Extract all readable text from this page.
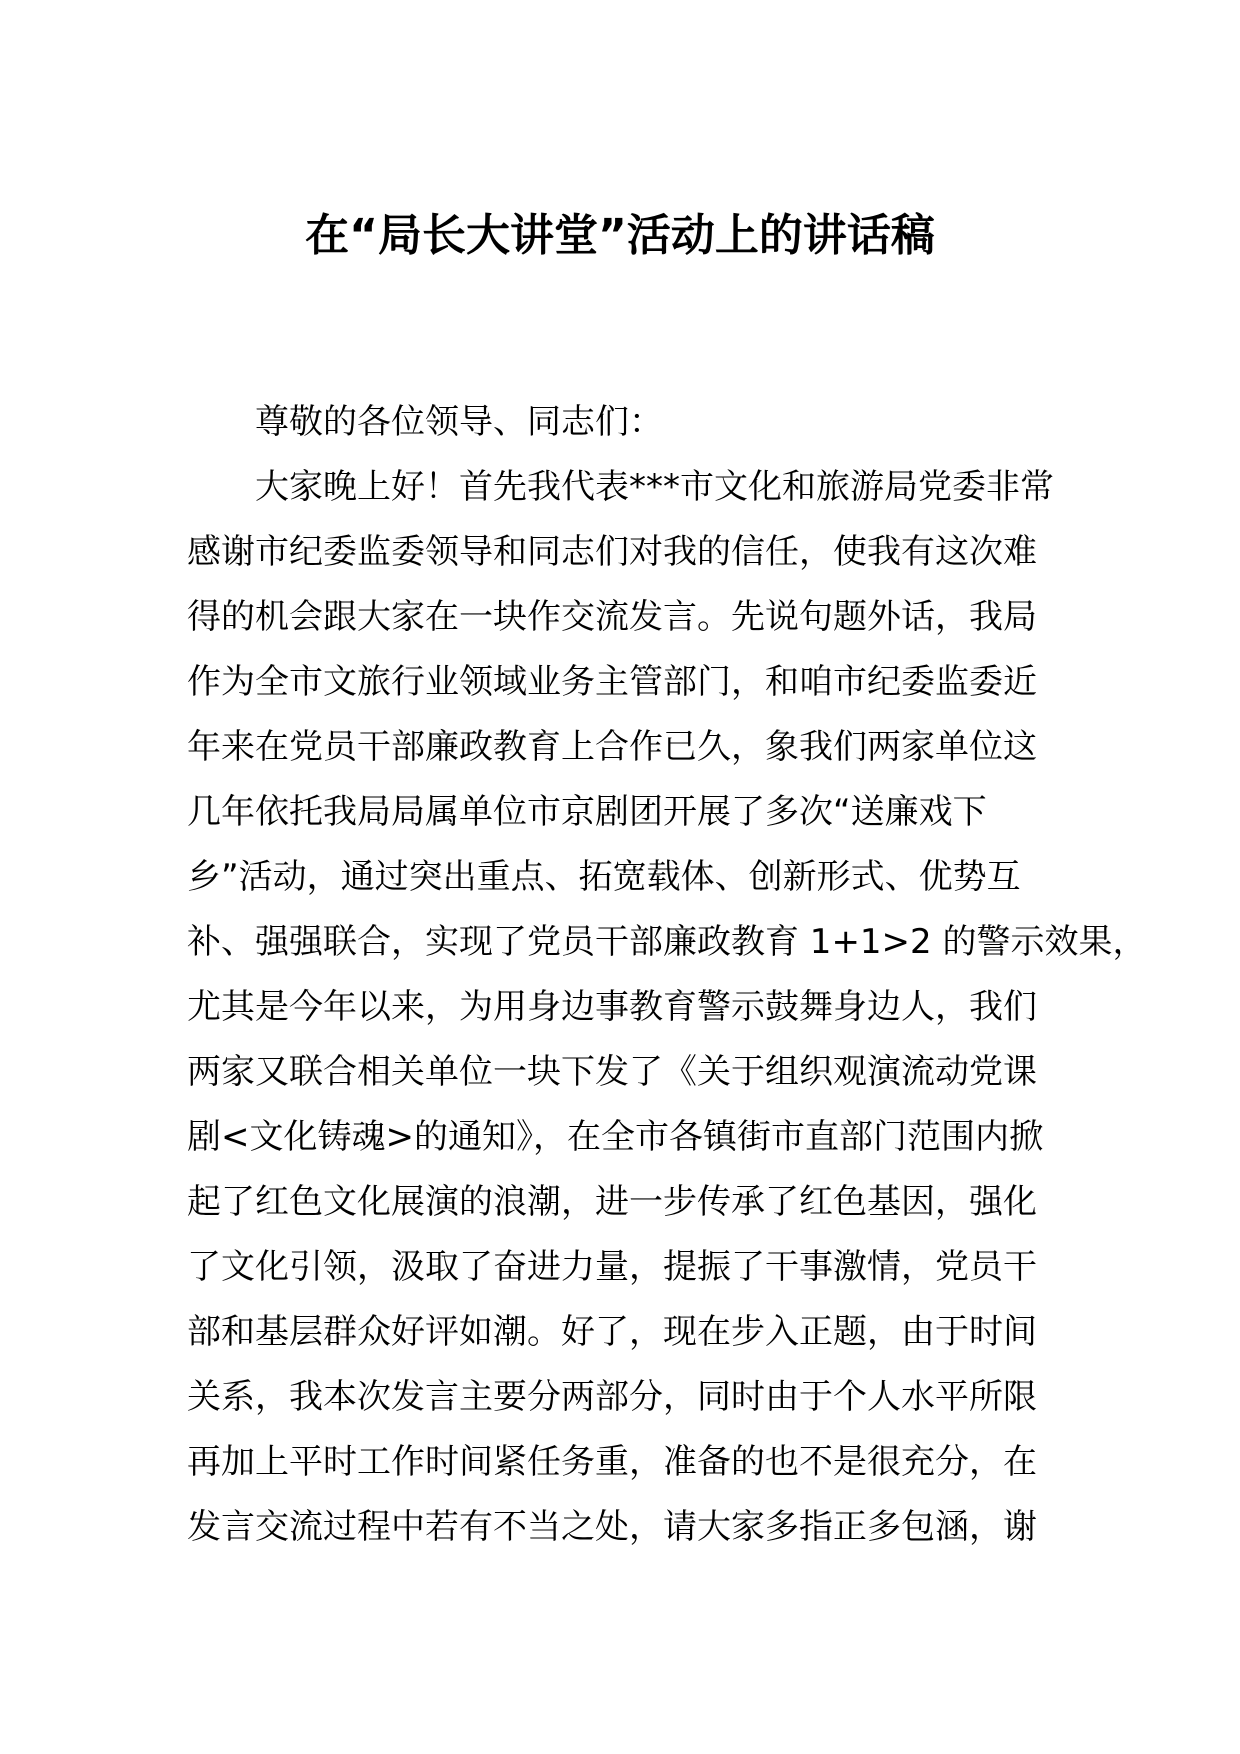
在“局长大讲堂”活动上的讲话稿
尊敬的各位领导、同志们：
大家晚上好！首先我代表***市文化和旅游局党委非常
感谢市纪委监委领导和同志们对我的信任，使我有这次难
得的机会跟大家在一块作交流发言。先说句题外话，我局
作为全市文旅行业领域业务主管部门，和咱市纪委监委近
年来在党员干部廉政教育上合作已久，象我们两家单位这
几年依托我局局属单位市京剧团开展了多次“送廉戏下
乡”活动，通过突出重点、拓宽载体、创新形式、优势互
补、强强联合，实现了党员干部廉政教育 1+1>2 的警示效果，
尤其是今年以来，为用身边事教育警示鼓舞身边人，我们
两家又联合相关单位一块下发了《关于组织观演流动党课
剧<文化铸魂>的通知》，在全市各镇街市直部门范围内掀
起了红色文化展演的浪潮，进一步传承了红色基因，强化
了文化引领，汲取了奋进力量，提振了干事激情，党员干
部和基层群众好评如潮。好了，现在步入正题，由于时间
关系，我本次发言主要分两部分，同时由于个人水平所限
再加上平时工作时间紧任务重，准备的也不是很充分，在
发言交流过程中若有不当之处，请大家多指正多包涵，谢
